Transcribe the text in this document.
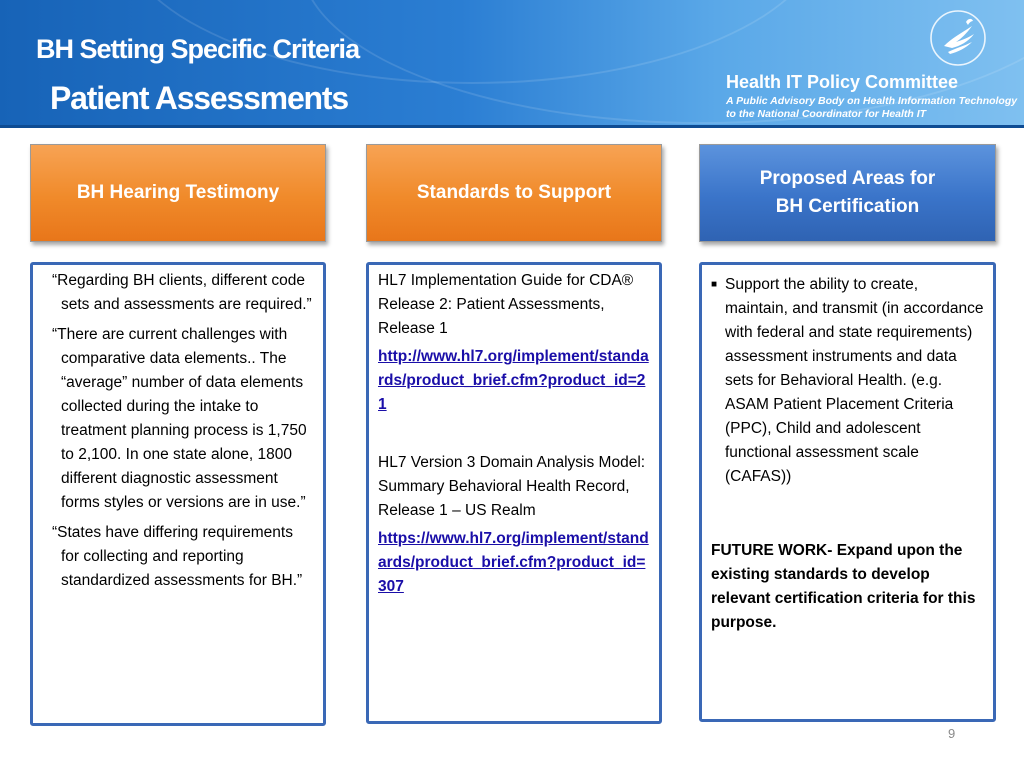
BH Setting Specific Criteria
Patient Assessments	Health IT Policy Committee
A Public Advisory Body on Health Information Technology
to the National Coordinator for Health IT
BH Hearing Testimony	Standards to Support
Proposed Areas for
BH Certification

“Regarding BH clients, different code sets and assessments are required.”

“There are current challenges with comparative data elements.. The “average” number of data elements collected during the intake to treatment planning process is 1,750 to 2,100. In one state alone, 1800 different diagnostic assessment forms styles or versions are in use.”

“States have differing requirements for collecting and reporting standardized assessments for BH.”

HL7 Implementation Guide for CDA® Release 2: Patient Assessments, Release 1

http://www.hl7.org/implement/standards/product_brief.cfm?product_id=21

HL7 Version 3 Domain Analysis Model: Summary Behavioral Health Record, Release 1 – US Realm

https://www.hl7.org/implement/standards/product_brief.cfm?product_id=307

■ Support the ability to create, maintain, and transmit (in accordance with federal and state requirements) assessment instruments and data sets for Behavioral Health. (e.g. ASAM Patient Placement Criteria (PPC), Child and adolescent functional assessment scale (CAFAS))

FUTURE WORK- Expand upon the existing standards to develop relevant certification criteria for this purpose.

9
